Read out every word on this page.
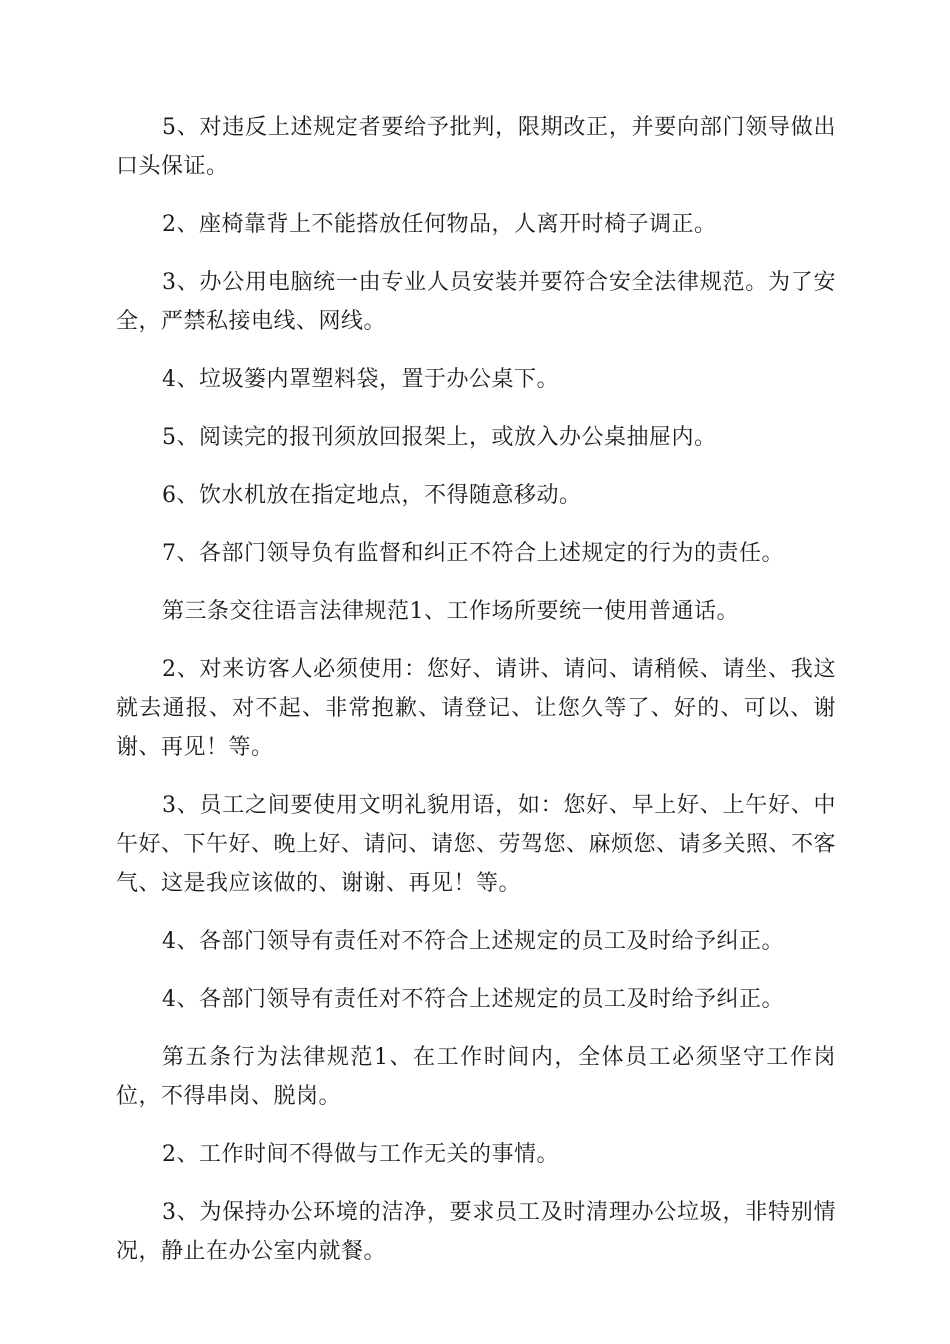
5、对违反上述规定者要给予批判，限期改正，并要向部门领导做出口头保证。

2、座椅靠背上不能搭放任何物品，人离开时椅子调正。

3、办公用电脑统一由专业人员安装并要符合安全法律规范。为了安全，严禁私接电线、网线。

4、垃圾篓内罩塑料袋，置于办公桌下。

5、阅读完的报刊须放回报架上，或放入办公桌抽屉内。

6、饮水机放在指定地点，不得随意移动。

7、各部门领导负有监督和纠正不符合上述规定的行为的责任。

第三条交往语言法律规范1、工作场所要统一使用普通话。

2、对来访客人必须使用：您好、请讲、请问、请稍候、请坐、我这就去通报、对不起、非常抱歉、请登记、让您久等了、好的、可以、谢谢、再见！等。

3、员工之间要使用文明礼貌用语，如：您好、早上好、上午好、中午好、下午好、晚上好、请问、请您、劳驾您、麻烦您、请多关照、不客气、这是我应该做的、谢谢、再见！等。

4、各部门领导有责任对不符合上述规定的员工及时给予纠正。

4、各部门领导有责任对不符合上述规定的员工及时给予纠正。

第五条行为法律规范1、在工作时间内，全体员工必须坚守工作岗位，不得串岗、脱岗。

2、工作时间不得做与工作无关的事情。

3、为保持办公环境的洁净，要求员工及时清理办公垃圾，非特别情况，静止在办公室内就餐。
